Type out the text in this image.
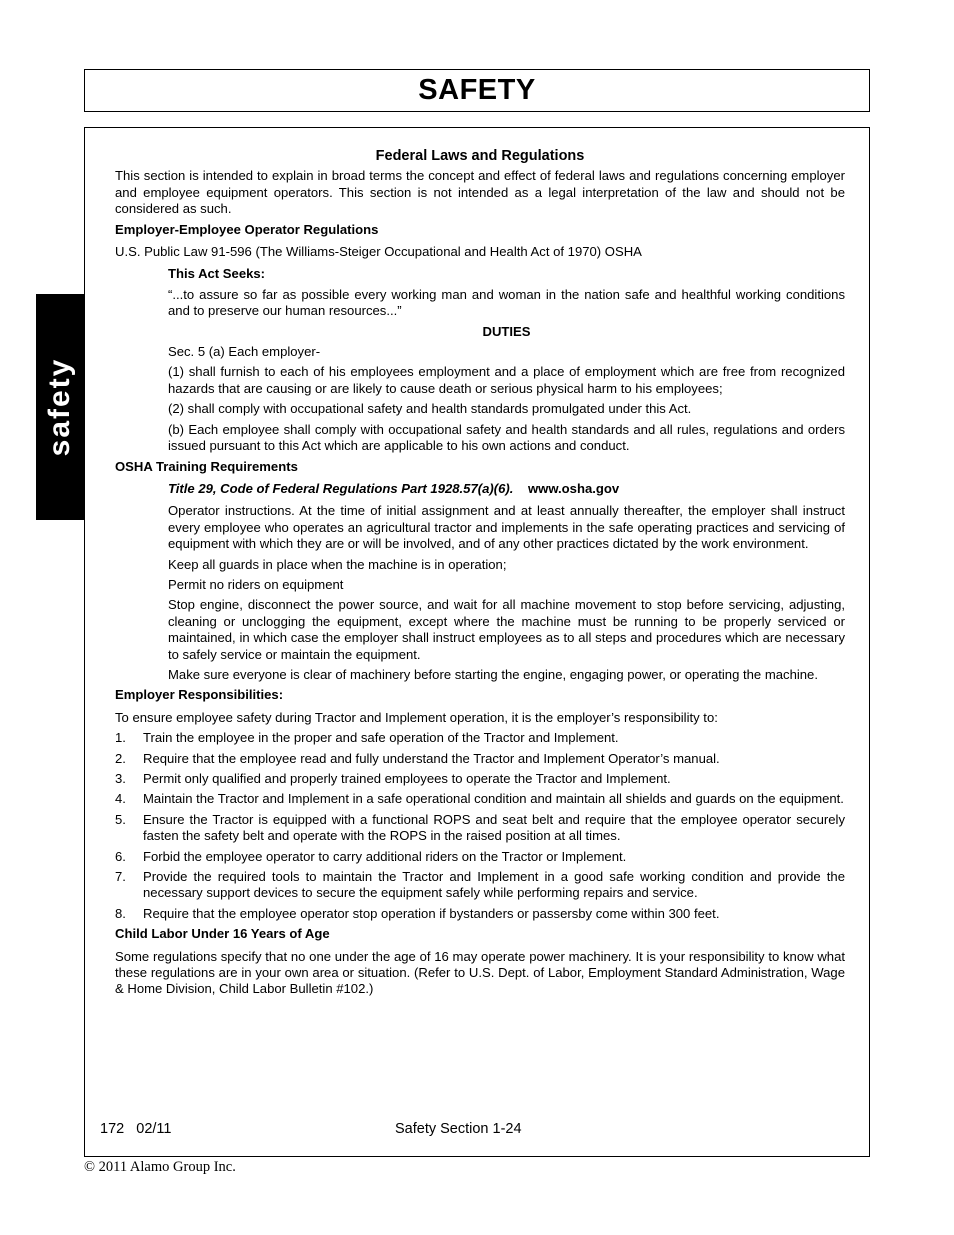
SAFETY
safety
Federal Laws and Regulations

This section is intended to explain in broad terms the concept and effect of federal laws and regulations concerning employer and employee equipment operators. This section is not intended as a legal interpretation of the law and should not be considered as such.

Employer-Employee Operator Regulations

U.S. Public Law 91-596 (The Williams-Steiger Occupational and Health Act of 1970) OSHA

This Act Seeks:

“...to assure so far as possible every working man and woman in the nation safe and healthful working conditions and to preserve our human resources...”

DUTIES

Sec. 5 (a) Each employer-

(1) shall furnish to each of his employees employment and a place of employment which are free from recognized hazards that are causing or are likely to cause death or serious physical harm to his employees;

(2) shall comply with occupational safety and health standards promulgated under this Act.

(b) Each employee shall comply with occupational safety and health standards and all rules, regulations and orders issued pursuant to this Act which are applicable to his own actions and conduct.

OSHA Training Requirements

Title 29, Code of Federal Regulations Part 1928.57(a)(6). www.osha.gov

Operator instructions. At the time of initial assignment and at least annually thereafter, the employer shall instruct every employee who operates an agricultural tractor and implements in the safe operating practices and servicing of equipment with which they are or will be involved, and of any other practices dictated by the work environment.

Keep all guards in place when the machine is in operation;

Permit no riders on equipment

Stop engine, disconnect the power source, and wait for all machine movement to stop before servicing, adjusting, cleaning or unclogging the equipment, except where the machine must be running to be properly serviced or maintained, in which case the employer shall instruct employees as to all steps and procedures which are necessary to safely service or maintain the equipment.

Make sure everyone is clear of machinery before starting the engine, engaging power, or operating the machine.

Employer Responsibilities:

To ensure employee safety during Tractor and Implement operation, it is the employer’s responsibility to:

1. Train the employee in the proper and safe operation of the Tractor and Implement.
2. Require that the employee read and fully understand the Tractor and Implement Operator’s manual.
3. Permit only qualified and properly trained employees to operate the Tractor and Implement.
4. Maintain the Tractor and Implement in a safe operational condition and maintain all shields and guards on the equipment.
5. Ensure the Tractor is equipped with a functional ROPS and seat belt and require that the employee operator securely fasten the safety belt and operate with the ROPS in the raised position at all times.
6. Forbid the employee operator to carry additional riders on the Tractor or Implement.
7. Provide the required tools to maintain the Tractor and Implement in a good safe working condition and provide the necessary support devices to secure the equipment safely while performing repairs and service.
8. Require that the employee operator stop operation if bystanders or passersby come within 300 feet.
Child Labor Under 16 Years of Age

Some regulations specify that no one under the age of 16 may operate power machinery. It is your responsibility to know what these regulations are in your own area or situation. (Refer to U.S. Dept. of Labor, Employment Standard Administration, Wage & Home Division, Child Labor Bulletin #102.)

172   02/11	Safety Section 1-24
© 2011 Alamo Group Inc.
